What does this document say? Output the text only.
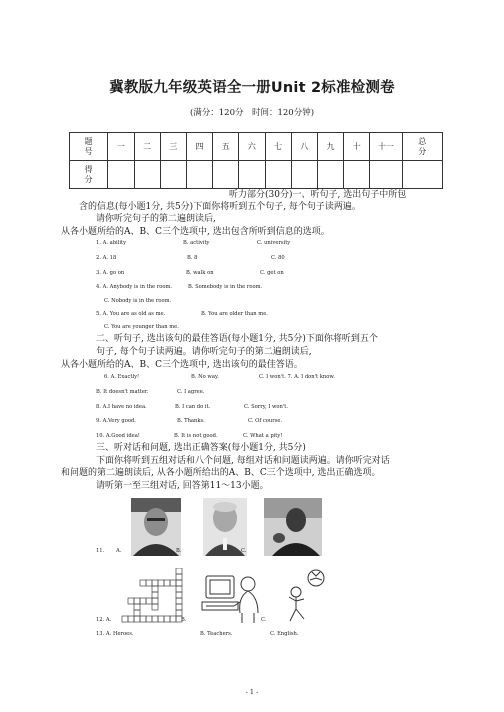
冀教版九年级英语全一册Unit 2标准检测卷
(满分：120分　时间：120分钟)
题
号	一	二	三	四	五	六	七	八	九	十	十一	总
分
得
分												
听力部分(30分)一、听句子, 选出句子中所包
含的信息(每小题1分, 共5分)下面你将听到五个句子, 每个句子读两遍。
请你听完句子的第二遍朗读后,
从各小题所给的A、B、C三个选项中, 选出包含所听到信息的选项。
1. A. ability	B. activity	C. university
2. A. 18	B. 8	C. 80
3. A. go on	B. walk on	C. get on
4. A. Anybody is in the room.	B. Somebody is in the room.
C. Nobody is in the room.
5. A. You are as old as me.	B. You are older than me.
C. You are younger than me.
二、听句子, 选出该句的最佳答语(每小题1分, 共5分)下面你将听到五个
句子, 每个句子读两遍。请你听完句子的第二遍朗读后,
从各小题所给的A、B、C三个选项中, 选出该句的最佳答语。
6. A. Exactly!	B. No way.	C. I won't. 7. A. I don't know.
B. It doesn't matter.	C. I agree.
8. A.I have no idea.	B. I can do it.	C. Sorry, I won't.
9. A.Very good.	B. Thanks.	C. Of course.
10. A.Good idea!	B. It is not good.	C. What a pity!
三、听对话和问题, 选出正确答案(每小题1分, 共5分)
下面你将听到五组对话和八个问题, 每组对话和问题读两遍。请你听完对话
和问题的第二遍朗读后, 从各小题所给出的A、B、C三个选项中, 选出正确选项。
请听第一至三组对话, 回答第11～13小题。
11. A.	B.	C.
12. A.	B.	C.
13. A. Heroes.	B. Teachers.	C. English.
- 1 -
